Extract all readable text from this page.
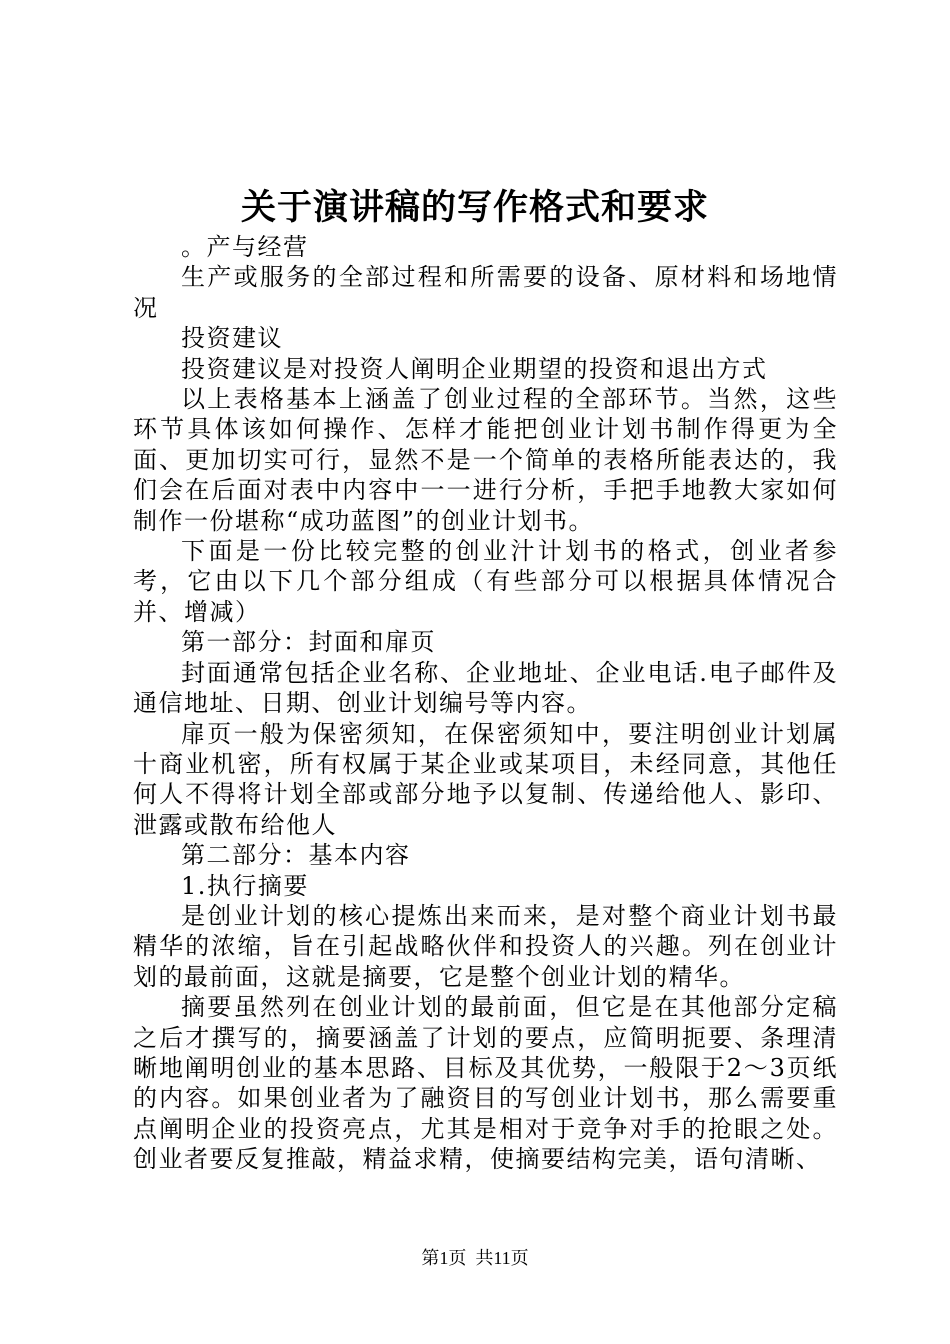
关于演讲稿的写作格式和要求

。产与经营

生产或服务的全部过程和所需要的设备、原材料和场地情况

投资建议

投资建议是对投资人阐明企业期望的投资和退出方式

以上表格基本上涵盖了创业过程的全部环节。当然，这些环节具体该如何操作、怎样才能把创业计划书制作得更为全面、更加切实可行，显然不是一个简单的表格所能表达的，我们会在后面对表中内容中一一进行分析，手把手地教大家如何制作一份堪称“成功蓝图”的创业计划书。

下面是一份比较完整的创业汁计划书的格式，创业者参考，它由以下几个部分组成（有些部分可以根据具体情况合并、增减）

第一部分：封面和扉页

封面通常包括企业名称、企业地址、企业电话.电子邮件及通信地址、日期、创业计划编号等内容。

扉页一般为保密须知，在保密须知中，要注明创业计划属十商业机密，所有权属于某企业或某项目，未经同意，其他任何人不得将计划全部或部分地予以复制、传递给他人、影印、泄露或散布给他人

第二部分：基本内容

1.执行摘要

是创业计划的核心提炼出来而来，是对整个商业计划书最精华的浓缩，旨在引起战略伙伴和投资人的兴趣。列在创业计划的最前面，这就是摘要，它是整个创业计划的精华。

摘要虽然列在创业计划的最前面，但它是在其他部分定稿之后才撰写的，摘要涵盖了计划的要点，应简明扼要、条理清晰地阐明创业的基本思路、目标及其优势，一般限于2～3页纸的内容。如果创业者为了融资目的写创业计划书，那么需要重点阐明企业的投资亮点，尤其是相对于竞争对手的抢眼之处。创业者要反复推敲，精益求精，使摘要结构完美，语句清晰、

第1页 共11页
